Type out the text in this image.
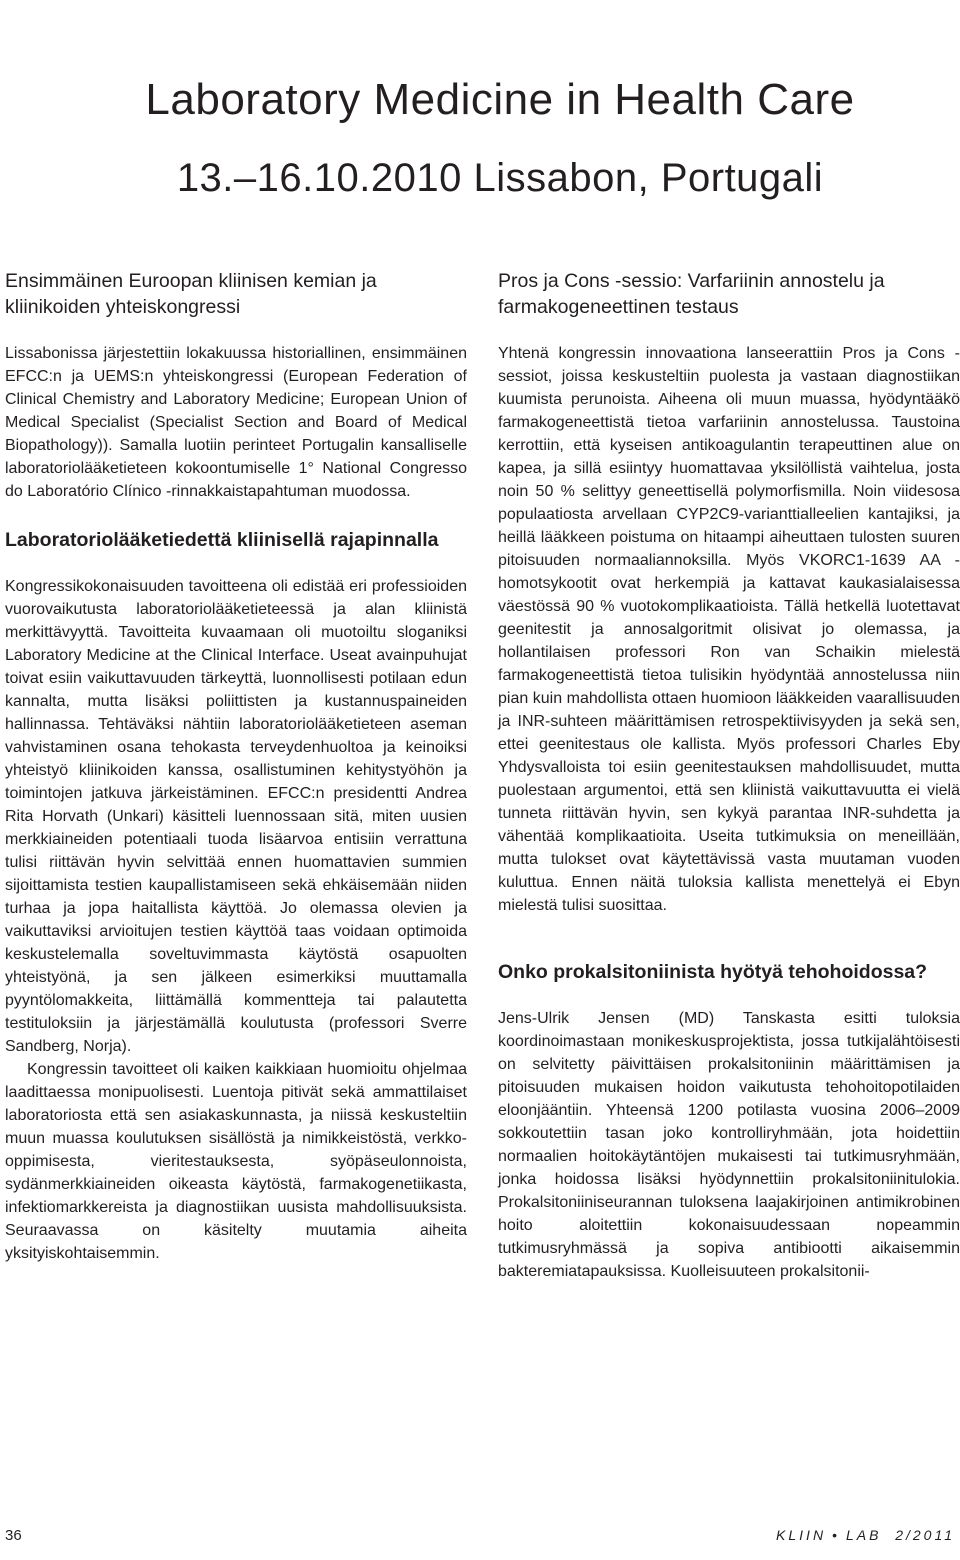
Laboratory Medicine in Health Care
13.–16.10.2010 Lissabon, Portugali
Ensimmäinen Euroopan kliinisen kemian ja kliinikoiden yhteiskongressi

Lissabonissa järjestettiin lokakuussa historiallinen, ensimmäinen EFCC:n ja UEMS:n yhteiskongressi (European Federation of Clinical Chemistry and Laboratory Medicine; European Union of Medical Specialist (Specialist Section and Board of Medical Biopathology)). Samalla luotiin perinteet Portugalin kansalliselle laboratoriolääketieteen kokoontumiselle 1° National Congresso do Laboratório Clínico -rinnakkaistapahtuman muodossa.

Laboratoriolääketiedettä kliinisellä rajapinnalla

Kongressikokonaisuuden tavoitteena oli edistää eri professioiden vuorovaikutusta laboratoriolääketieteessä ja alan kliinistä merkittävyyttä. Tavoitteita kuvaamaan oli muotoiltu sloganiksi Laboratory Medicine at the Clinical Interface. Useat avainpuhujat toivat esiin vaikuttavuuden tärkeyttä, luonnollisesti potilaan edun kannalta, mutta lisäksi poliittisten ja kustannuspaineiden hallinnassa. Tehtäväksi nähtiin laboratoriolääketieteen aseman vahvistaminen osana tehokasta terveydenhuoltoa ja keinoiksi yhteistyö kliinikoiden kanssa, osallistuminen kehitystyöhön ja toimintojen jatkuva järkeistäminen. EFCC:n presidentti Andrea Rita Horvath (Unkari) käsitteli luennossaan sitä, miten uusien merkkiaineiden potentiaali tuoda lisäarvoa entisiin verrattuna tulisi riittävän hyvin selvittää ennen huomattavien summien sijoittamista testien kaupallistamiseen sekä ehkäisemään niiden turhaa ja jopa haitallista käyttöä. Jo olemassa olevien ja vaikuttaviksi arvioitujen testien käyttöä taas voidaan optimoida keskustelemalla soveltuvimmasta käytöstä osapuolten yhteistyönä, ja sen jälkeen esimerkiksi muuttamalla pyyntölomakkeita, liittämällä kommentteja tai palautetta testituloksiin ja järjestämällä koulutusta (professori Sverre Sandberg, Norja).

Kongressin tavoitteet oli kaiken kaikkiaan huomioitu ohjelmaa laadittaessa monipuolisesti. Luentoja pitivät sekä ammattilaiset laboratoriosta että sen asiakaskunnasta, ja niissä keskusteltiin muun muassa koulutuksen sisällöstä ja nimikkeistöstä, verkko-oppimisesta, vieritestauksesta, syöpäseulonnoista, sydänmerkkiaineiden oikeasta käytöstä, farmakogenetiikasta, infektiomarkkereista ja diagnostiikan uusista mahdollisuuksista. Seuraavassa on käsitelty muutamia aiheita yksityiskohtaisemmin.

Pros ja Cons -sessio: Varfariinin annostelu ja farmakogeneettinen testaus

Yhtenä kongressin innovaationa lanseerattiin Pros ja Cons -sessiot, joissa keskusteltiin puolesta ja vastaan diagnostiikan kuumista perunoista. Aiheena oli muun muassa, hyödyntääkö farmakogeneettistä tietoa varfariinin annostelussa. Taustoina kerrottiin, että kyseisen antikoagulantin terapeuttinen alue on kapea, ja sillä esiintyy huomattavaa yksilöllistä vaihtelua, josta noin 50 % selittyy geneettisellä polymorfismilla. Noin viidesosa populaatiosta arvellaan CYP2C9-varianttialleelien kantajiksi, ja heillä lääkkeen poistuma on hitaampi aiheuttaen tulosten suuren pitoisuuden normaaliannoksilla. Myös VKORC1-1639 AA -homotsykootit ovat herkempiä ja kattavat kaukasialaisessa väestössä 90 % vuotokomplikaatioista. Tällä hetkellä luotettavat geenitestit ja annosalgoritmit olisivat jo olemassa, ja hollantilaisen professori Ron van Schaikin mielestä farmakogeneettistä tietoa tulisikin hyödyntää annostelussa niin pian kuin mahdollista ottaen huomioon lääkkeiden vaarallisuuden ja INR-suhteen määrittämisen retrospektiivisyyden ja sekä sen, ettei geenitestaus ole kallista. Myös professori Charles Eby Yhdysvalloista toi esiin geenitestauksen mahdollisuudet, mutta puolestaan argumentoi, että sen kliinistä vaikuttavuutta ei vielä tunneta riittävän hyvin, sen kykyä parantaa INR-suhdetta ja vähentää komplikaatioita. Useita tutkimuksia on meneillään, mutta tulokset ovat käytettävissä vasta muutaman vuoden kuluttua. Ennen näitä tuloksia kallista menettelyä ei Ebyn mielestä tulisi suosittaa.

Onko prokalsitoniinista hyötyä tehohoidossa?

Jens-Ulrik Jensen (MD) Tanskasta esitti tuloksia koordinoimastaan monikeskusprojektista, jossa tutkijalähtöisesti on selvitetty päivittäisen prokalsitoniinin määrittämisen ja pitoisuuden mukaisen hoidon vaikutusta tehohoitopotilaiden eloonjääntiin. Yhteensä 1200 potilasta vuosina 2006–2009 sokkoutettiin tasan joko kontrolliryhmään, jota hoidettiin normaalien hoitokäytäntöjen mukaisesti tai tutkimusryhmään, jonka hoidossa lisäksi hyödynnettiin prokalsitoniinitulokia. Prokalsitoniiniseurannan tuloksena laajakirjoinen antimikrobinen hoito aloitettiin kokonaisuudessaan nopeammin tutkimusryhmässä ja sopiva antibiootti aikaisemmin bakteremiatapauksissa. Kuolleisuuteen prokalsitonii-

36	KLIIN • LAB 2/2011
